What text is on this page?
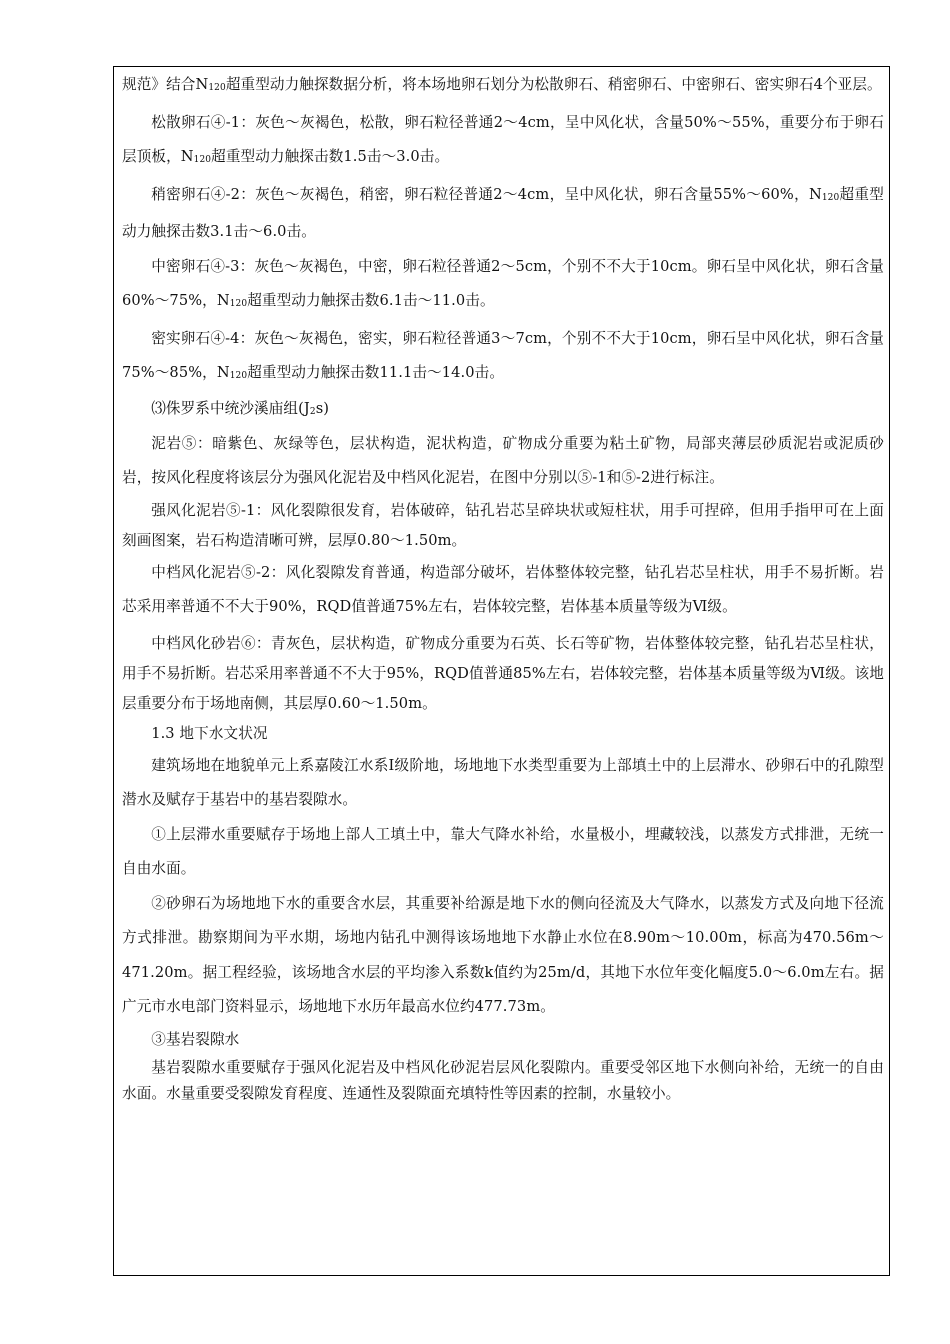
规范》结合N120超重型动力触探数据分析，将本场地卵石划分为松散卵石、稍密卵石、中密卵石、密实卵石4个亚层。

松散卵石④-1：灰色～灰褐色，松散，卵石粒径普通2～4cm，呈中风化状，含量50%～55%，重要分布于卵石层顶板，N120超重型动力触探击数1.5击～3.0击。

稍密卵石④-2：灰色～灰褐色，稍密，卵石粒径普通2～4cm，呈中风化状，卵石含量55%～60%，N120超重型动力触探击数3.1击～6.0击。

中密卵石④-3：灰色～灰褐色，中密，卵石粒径普通2～5cm，个别不不大于10cm。卵石呈中风化状，卵石含量60%～75%，N120超重型动力触探击数6.1击～11.0击。

密实卵石④-4：灰色～灰褐色，密实，卵石粒径普通3～7cm，个别不不大于10cm，卵石呈中风化状，卵石含量75%～85%，N120超重型动力触探击数11.1击～14.0击。

⑶侏罗系中统沙溪庙组(J2s)

泥岩⑤：暗紫色、灰绿等色，层状构造，泥状构造，矿物成分重要为粘土矿物，局部夹薄层砂质泥岩或泥质砂岩，按风化程度将该层分为强风化泥岩及中档风化泥岩，在图中分别以⑤-1和⑤-2进行标注。

强风化泥岩⑤-1：风化裂隙很发育，岩体破碎，钻孔岩芯呈碎块状或短柱状，用手可捏碎，但用手指甲可在上面刻画图案，岩石构造清晰可辨，层厚0.80～1.50m。

中档风化泥岩⑤-2：风化裂隙发育普通，构造部分破坏，岩体整体较完整，钻孔岩芯呈柱状，用手不易折断。岩芯采用率普通不不大于90%，RQD值普通75%左右，岩体较完整，岩体基本质量等级为Ⅵ级。

中档风化砂岩⑥：青灰色，层状构造，矿物成分重要为石英、长石等矿物，岩体整体较完整，钻孔岩芯呈柱状，用手不易折断。岩芯采用率普通不不大于95%，RQD值普通85%左右，岩体较完整，岩体基本质量等级为Ⅵ级。该地层重要分布于场地南侧，其层厚0.60～1.50m。

1.3 地下水文状况

建筑场地在地貌单元上系嘉陵江水系Ⅰ级阶地，场地地下水类型重要为上部填土中的上层滞水、砂卵石中的孔隙型潜水及赋存于基岩中的基岩裂隙水。

①上层滞水重要赋存于场地上部人工填土中，靠大气降水补给，水量极小，埋藏较浅，以蒸发方式排泄，无统一自由水面。

②砂卵石为场地地下水的重要含水层，其重要补给源是地下水的侧向径流及大气降水，以蒸发方式及向地下径流方式排泄。勘察期间为平水期，场地内钻孔中测得该场地地下水静止水位在8.90m～10.00m，标高为470.56m～471.20m。据工程经验，该场地含水层的平均渗入系数k值约为25m/d，其地下水位年变化幅度5.0～6.0m左右。据广元市水电部门资料显示，场地地下水历年最高水位约477.73m。

③基岩裂隙水

基岩裂隙水重要赋存于强风化泥岩及中档风化砂泥岩层风化裂隙内。重要受邻区地下水侧向补给，无统一的自由水面。水量重要受裂隙发育程度、连通性及裂隙面充填特性等因素的控制，水量较小。
